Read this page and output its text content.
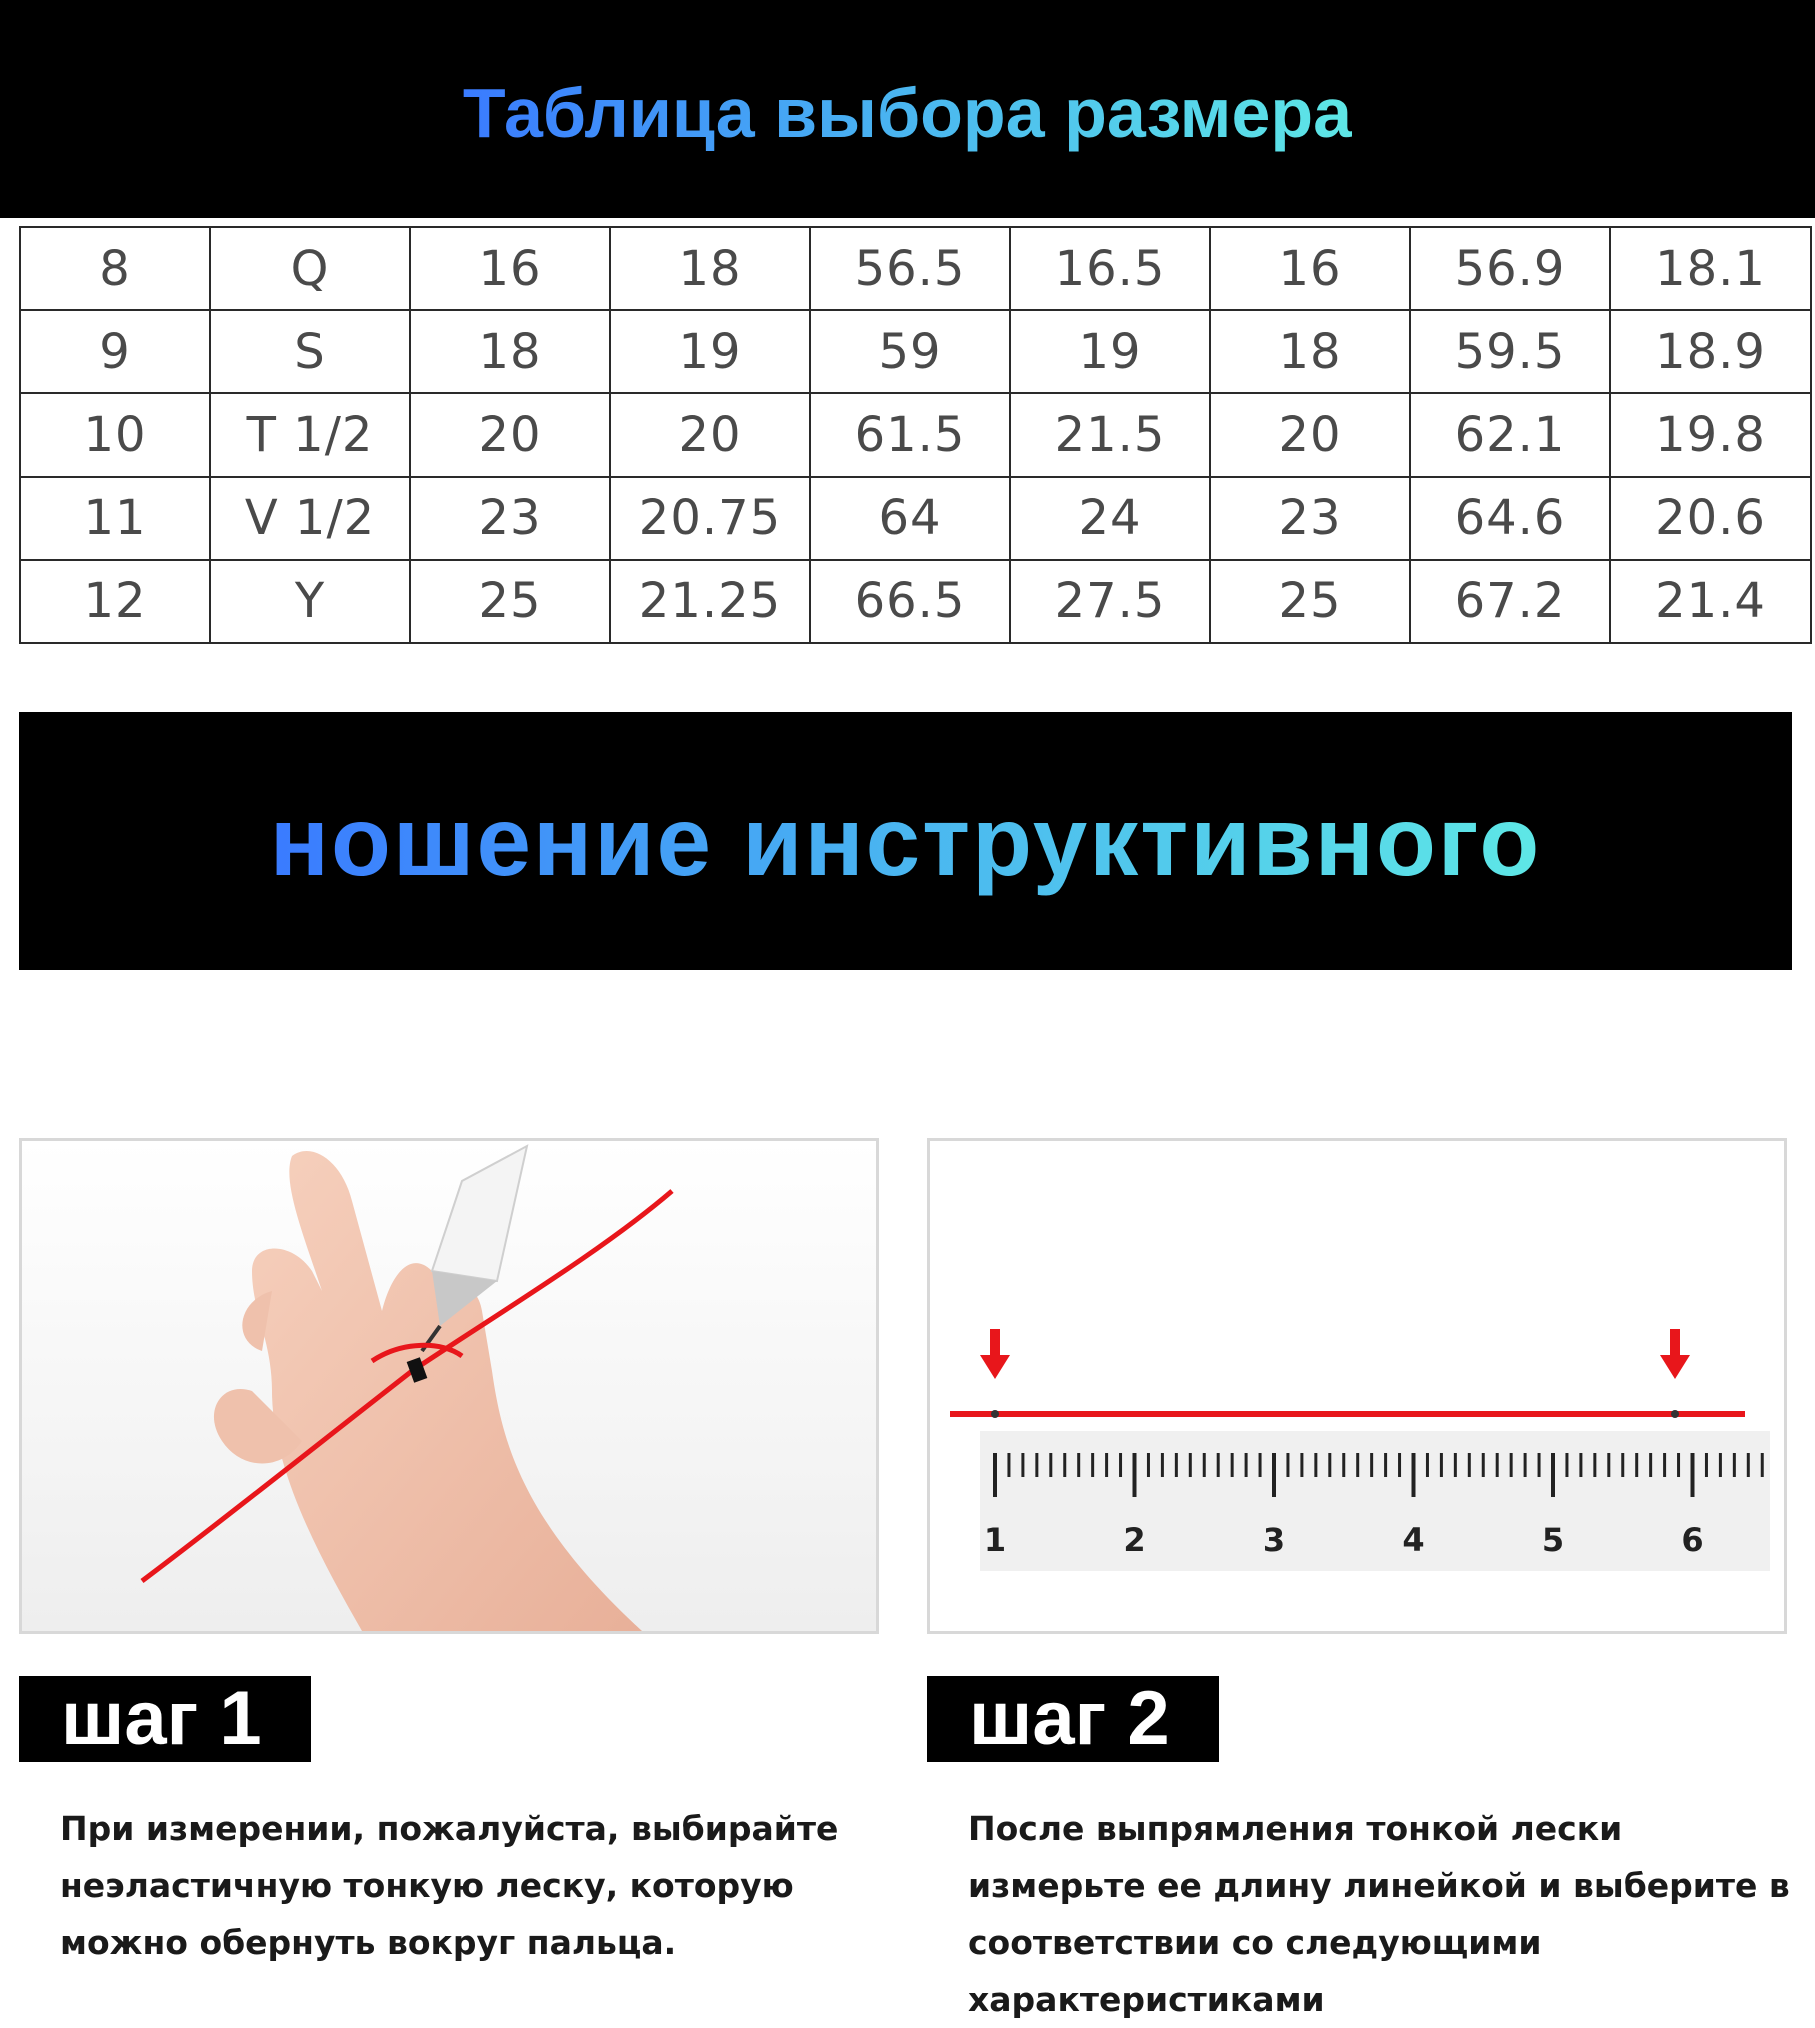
Таблица выбора размера
8	Q	16	18	56.5	16.5	16	56.9	18.1
9	S	18	19	59	19	18	59.5	18.9
10	T 1/2	20	20	61.5	21.5	20	62.1	19.8
11	V 1/2	23	20.75	64	24	23	64.6	20.6
12	Y	25	21.25	66.5	27.5	25	67.2	21.4
ношение инструктивного
1	2	3	4	5	6
шаг 1	шаг 2
При измерении, пожалуйста, выбирайте неэластичную тонкую леску, которую можно обернуть вокруг пальца.
После выпрямления тонкой лески измерьте ее длину линейкой и выберите в соответствии со следующими характеристиками
